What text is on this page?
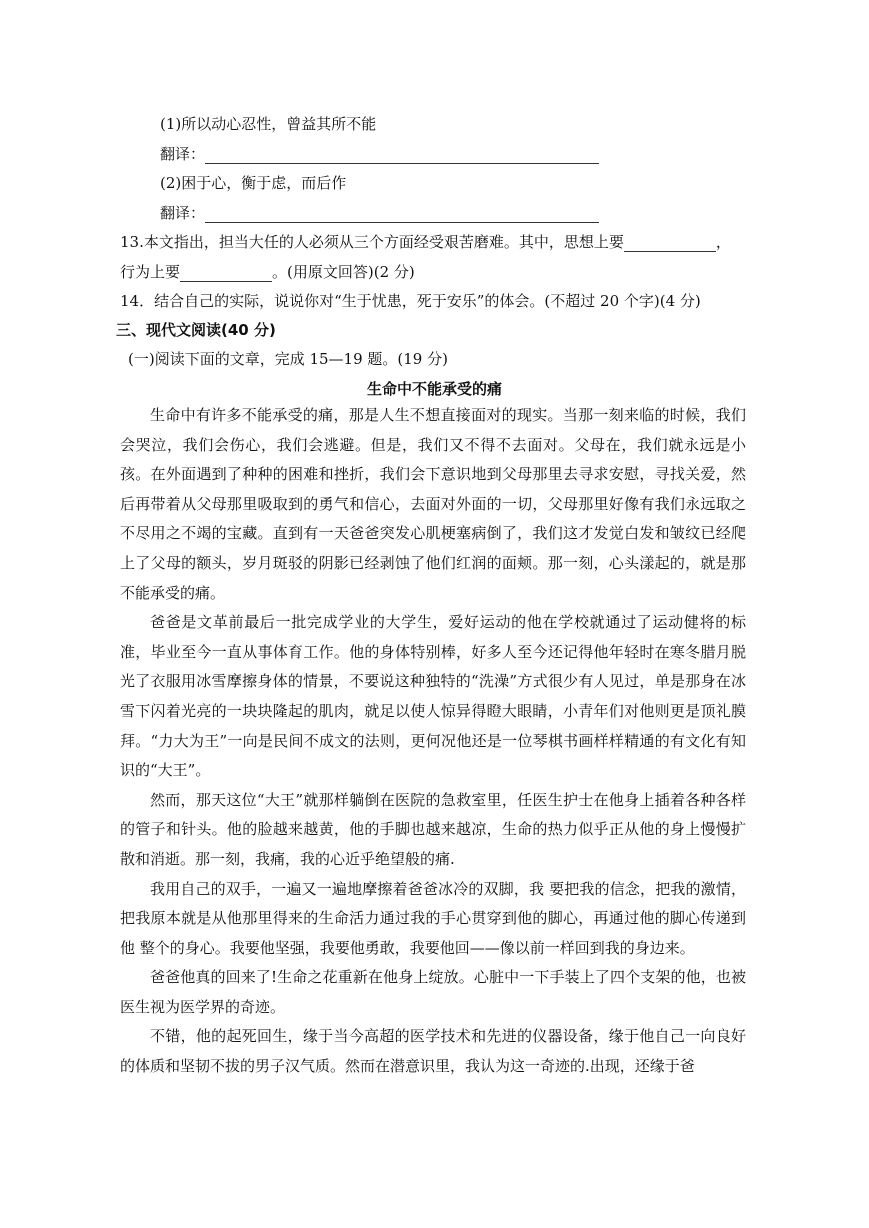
(1)所以动心忍性，曾益其所不能
翻译：
(2)困于心，衡于虑，而后作
翻译：
13.本文指出，担当大任的人必须从三个方面经受艰苦磨难。其中，思想上要	，
行为上要	。(用原文回答)(2 分)
14．结合自己的实际，说说你对“生于忧患，死于安乐”的体会。(不超过 20 个字)(4 分)
三、现代文阅读(40 分)
(一)阅读下面的文章，完成 15—19 题。(19 分)
生命中不能承受的痛

生命中有许多不能承受的痛，那是人生不想直接面对的现实。当那一刻来临的时候，我们会哭泣，我们会伤心，我们会逃避。但是，我们又不得不去面对。父母在，我们就永远是小孩。在外面遇到了种种的困难和挫折，我们会下意识地到父母那里去寻求安慰，寻找关爱，然后再带着从父母那里吸取到的勇气和信心，去面对外面的一切，父母那里好像有我们永远取之不尽用之不竭的宝藏。直到有一天爸爸突发心肌梗塞病倒了，我们这才发觉白发和皱纹已经爬上了父母的额头，岁月斑驳的阴影已经剥蚀了他们红润的面颊。那一刻，心头漾起的，就是那不能承受的痛。

爸爸是文革前最后一批完成学业的大学生，爱好运动的他在学校就通过了运动健将的标准，毕业至今一直从事体育工作。他的身体特别棒，好多人至今还记得他年轻时在寒冬腊月脱光了衣服用冰雪摩擦身体的情景，不要说这种独特的“洗澡”方式很少有人见过，单是那身在冰雪下闪着光亮的一块块隆起的肌肉，就足以使人惊异得瞪大眼睛，小青年们对他则更是顶礼膜拜。“力大为王”一向是民间不成文的法则，更何况他还是一位琴棋书画样样精通的有文化有知识的“大王”。

然而，那天这位“大王”就那样躺倒在医院的急救室里，任医生护士在他身上插着各种各样的管子和针头。他的脸越来越黄，他的手脚也越来越凉，生命的热力似乎正从他的身上慢慢扩散和消逝。那一刻，我痛，我的心近乎绝望般的痛.

我用自己的双手，一遍又一遍地摩擦着爸爸冰冷的双脚，我 要把我的信念，把我的激情，把我原本就是从他那里得来的生命活力通过我的手心贯穿到他的脚心，再通过他的脚心传递到他 整个的身心。我要他坚强，我要他勇敢，我要他回——像以前一样回到我的身边来。

爸爸他真的回来了!生命之花重新在他身上绽放。心脏中一下手装上了四个支架的他，也被医生视为医学界的奇迹。

不错，他的起死回生，缘于当今高超的医学技术和先进的仪器设备，缘于他自己一向良好的体质和坚韧不拔的男子汉气质。然而在潜意识里，我认为这一奇迹的.出现，还缘于爸
